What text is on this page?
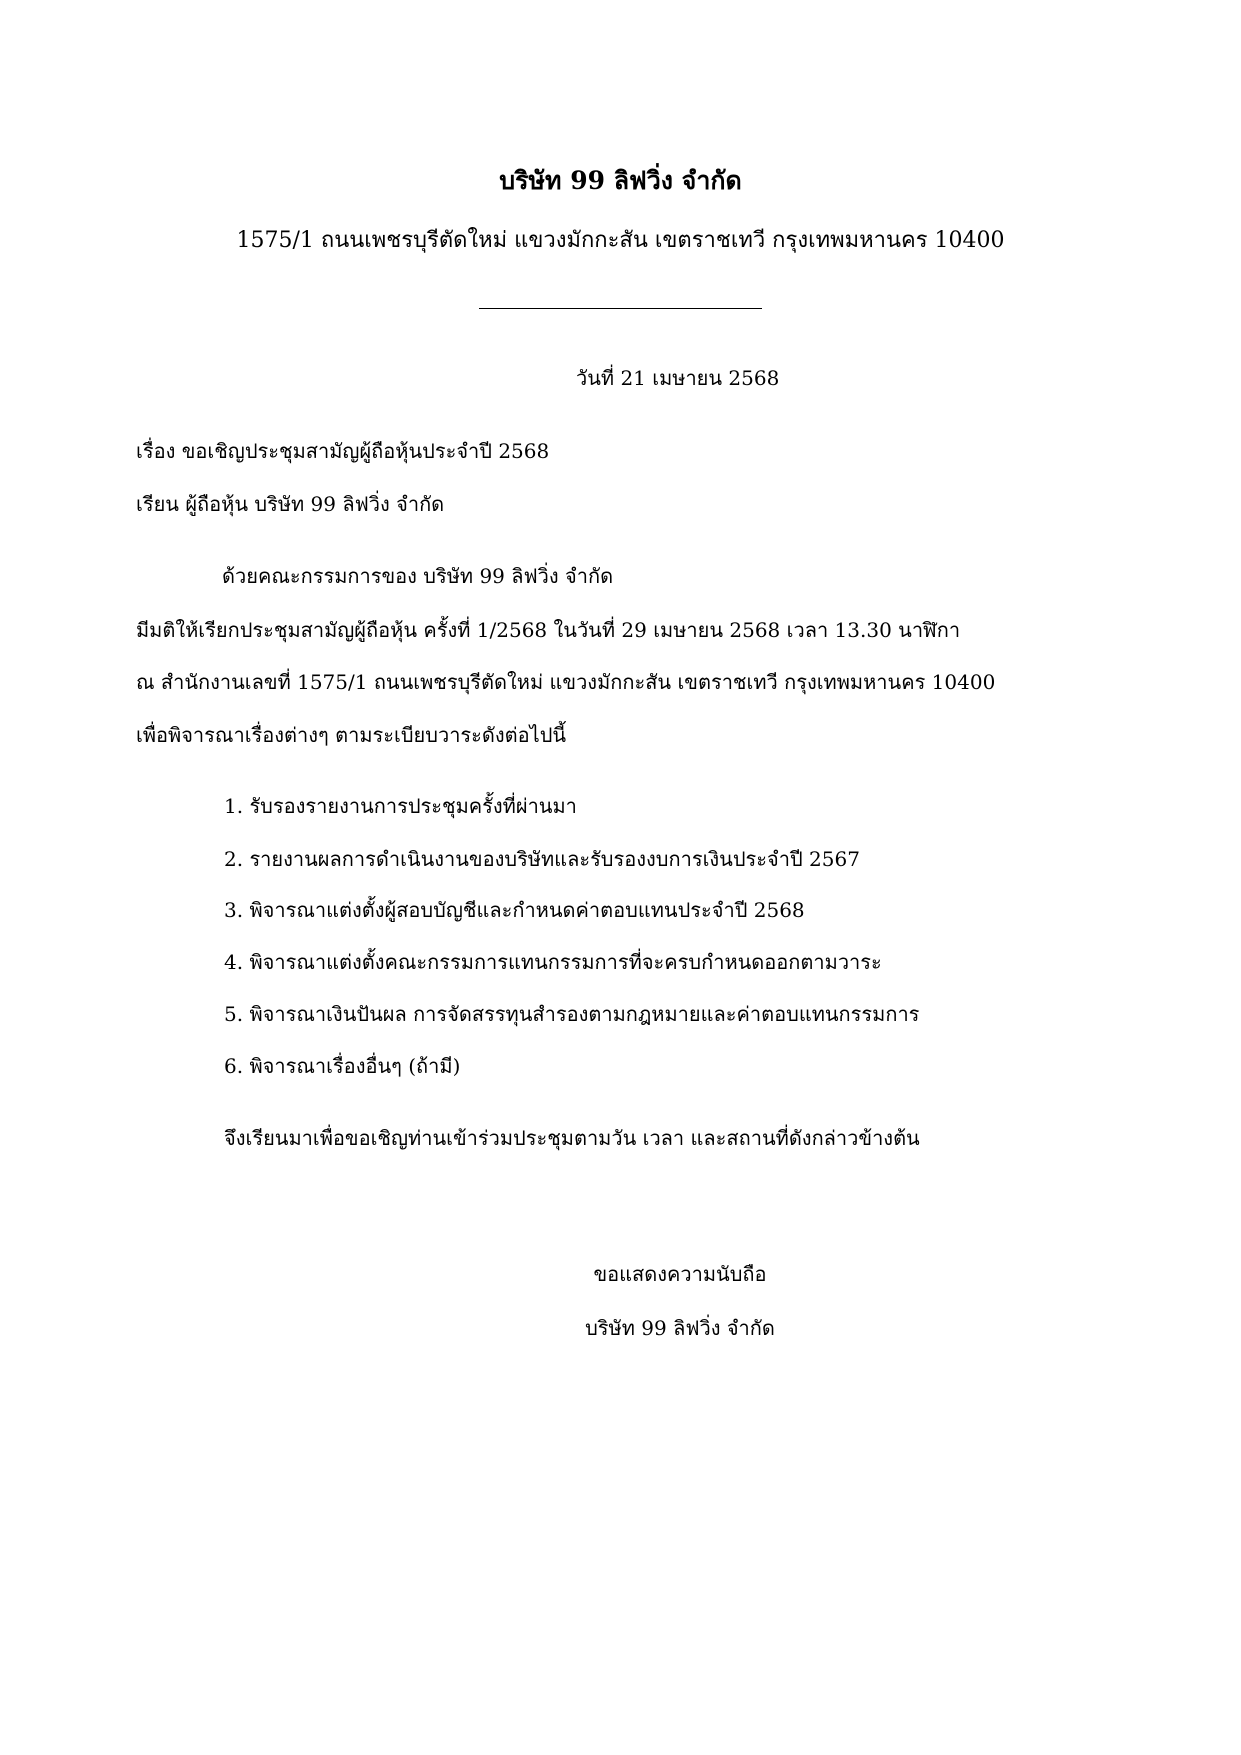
บริษัท 99 ลิฟวิ่ง จำกัด
1575/1 ถนนเพชรบุรีตัดใหม่ แขวงมักกะสัน เขตราชเทวี กรุงเทพมหานคร 10400
วันที่ 21 เมษายน 2568
เรื่อง ขอเชิญประชุมสามัญผู้ถือหุ้นประจำปี 2568
เรียน ผู้ถือหุ้น บริษัท 99 ลิฟวิ่ง จำกัด
ด้วยคณะกรรมการของ บริษัท 99 ลิฟวิ่ง จำกัด
มีมติให้เรียกประชุมสามัญผู้ถือหุ้น ครั้งที่ 1/2568 ในวันที่ 29 เมษายน 2568 เวลา 13.30 นาฬิกา
ณ สำนักงานเลขที่ 1575/1 ถนนเพชรบุรีตัดใหม่ แขวงมักกะสัน เขตราชเทวี กรุงเทพมหานคร 10400
เพื่อพิจารณาเรื่องต่างๆ ตามระเบียบวาระดังต่อไปนี้
1. รับรองรายงานการประชุมครั้งที่ผ่านมา
2. รายงานผลการดำเนินงานของบริษัทและรับรองงบการเงินประจำปี 2567
3. พิจารณาแต่งตั้งผู้สอบบัญชีและกำหนดค่าตอบแทนประจำปี 2568
4. พิจารณาแต่งตั้งคณะกรรมการแทนกรรมการที่จะครบกำหนดออกตามวาระ
5. พิจารณาเงินปันผล การจัดสรรทุนสำรองตามกฎหมายและค่าตอบแทนกรรมการ
6. พิจารณาเรื่องอื่นๆ (ถ้ามี)
จึงเรียนมาเพื่อขอเชิญท่านเข้าร่วมประชุมตามวัน เวลา และสถานที่ดังกล่าวข้างต้น
ขอแสดงความนับถือ
บริษัท 99 ลิฟวิ่ง จำกัด
